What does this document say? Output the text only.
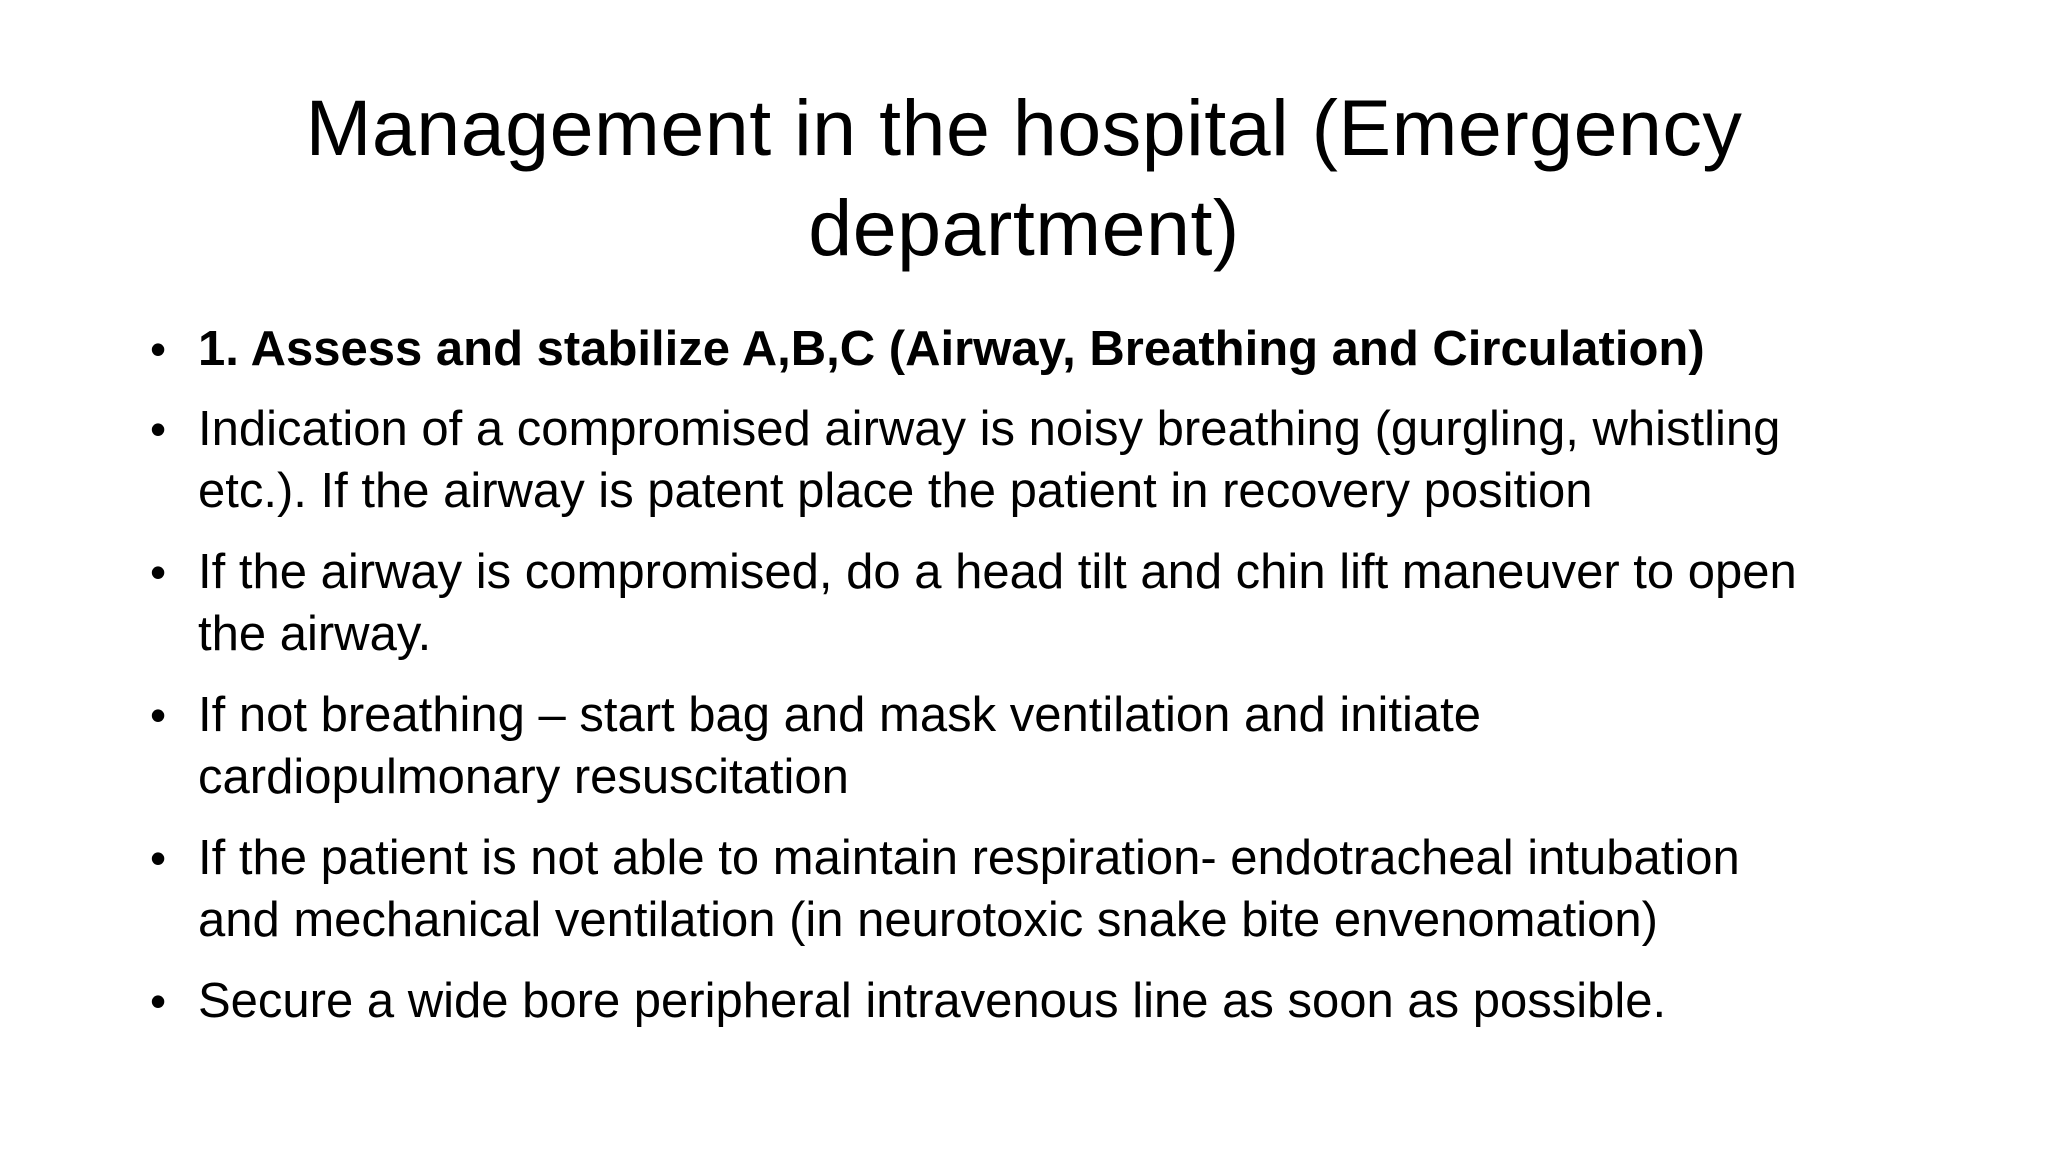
Management in the hospital (Emergency
department)
• 1. Assess and stabilize A,B,C (Airway, Breathing and Circulation)
• Indication of a compromised airway is noisy breathing (gurgling, whistling
etc.). If the airway is patent place the patient in recovery position
• If the airway is compromised, do a head tilt and chin lift maneuver to open
the airway.
• If not breathing – start bag and mask ventilation and initiate
cardiopulmonary resuscitation
• If the patient is not able to maintain respiration- endotracheal intubation
and mechanical ventilation (in neurotoxic snake bite envenomation)
• Secure a wide bore peripheral intravenous line as soon as possible.
